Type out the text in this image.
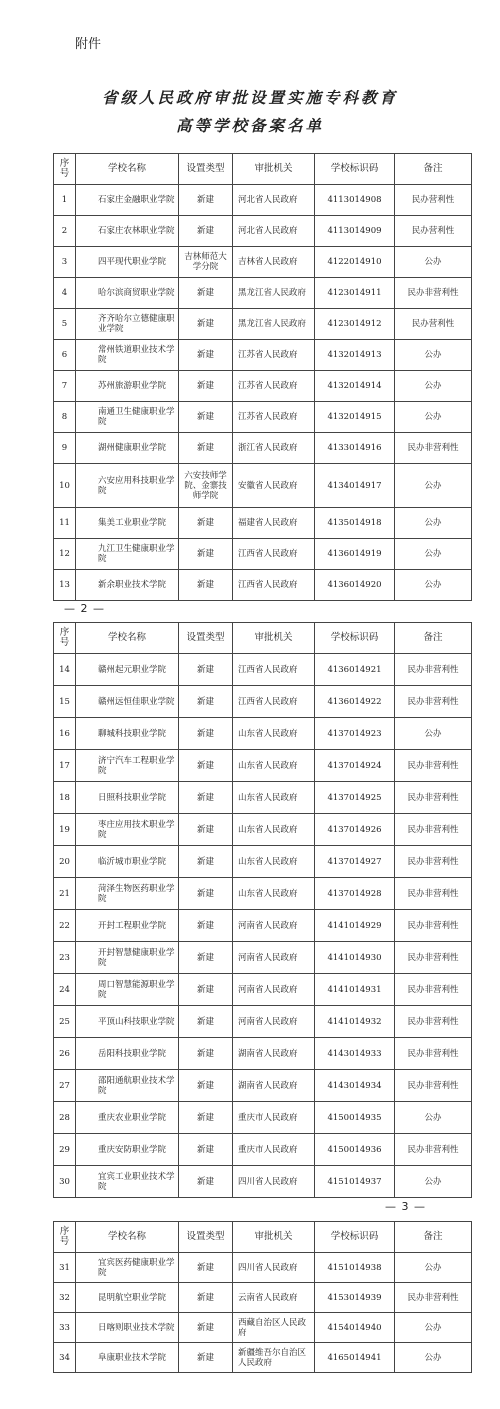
附件
省级人民政府审批设置实施专科教育
高等学校备案名单
序号	学校名称	设置类型	审批机关	学校标识码	备注
1	石家庄金融职业学院	新建	河北省人民政府	4113014908	民办营利性
2	石家庄农林职业学院	新建	河北省人民政府	4113014909	民办营利性
3	四平现代职业学院	吉林师范大学分院	吉林省人民政府	4122014910	公办
4	哈尔滨商贸职业学院	新建	黑龙江省人民政府	4123014911	民办非营利性
5	齐齐哈尔立德健康职业学院	新建	黑龙江省人民政府	4123014912	民办营利性
6	常州铁道职业技术学院	新建	江苏省人民政府	4132014913	公办
7	苏州旅游职业学院	新建	江苏省人民政府	4132014914	公办
8	南通卫生健康职业学院	新建	江苏省人民政府	4132014915	公办
9	湖州健康职业学院	新建	浙江省人民政府	4133014916	民办非营利性
10	六安应用科技职业学院	六安技师学院、金寨技师学院	安徽省人民政府	4134014917	公办
11	集美工业职业学院	新建	福建省人民政府	4135014918	公办
12	九江卫生健康职业学院	新建	江西省人民政府	4136014919	公办
13	新余职业技术学院	新建	江西省人民政府	4136014920	公办
— 2 —
序号	学校名称	设置类型	审批机关	学校标识码	备注
14	赣州起元职业学院	新建	江西省人民政府	4136014921	民办非营利性
15	赣州远恒佳职业学院	新建	江西省人民政府	4136014922	民办非营利性
16	聊城科技职业学院	新建	山东省人民政府	4137014923	公办
17	济宁汽车工程职业学院	新建	山东省人民政府	4137014924	民办非营利性
18	日照科技职业学院	新建	山东省人民政府	4137014925	民办非营利性
19	枣庄应用技术职业学院	新建	山东省人民政府	4137014926	民办非营利性
20	临沂城市职业学院	新建	山东省人民政府	4137014927	民办非营利性
21	菏泽生物医药职业学院	新建	山东省人民政府	4137014928	民办非营利性
22	开封工程职业学院	新建	河南省人民政府	4141014929	民办非营利性
23	开封智慧健康职业学院	新建	河南省人民政府	4141014930	民办非营利性
24	周口智慧能源职业学院	新建	河南省人民政府	4141014931	民办非营利性
25	平顶山科技职业学院	新建	河南省人民政府	4141014932	民办非营利性
26	岳阳科技职业学院	新建	湖南省人民政府	4143014933	民办非营利性
27	邵阳通航职业技术学院	新建	湖南省人民政府	4143014934	民办非营利性
28	重庆农业职业学院	新建	重庆市人民政府	4150014935	公办
29	重庆安防职业学院	新建	重庆市人民政府	4150014936	民办非营利性
30	宜宾工业职业技术学院	新建	四川省人民政府	4151014937	公办
— 3 —
序号	学校名称	设置类型	审批机关	学校标识码	备注
31	宜宾医药健康职业学院	新建	四川省人民政府	4151014938	公办
32	昆明航空职业学院	新建	云南省人民政府	4153014939	民办非营利性
33	日喀则职业技术学院	新建	西藏自治区人民政府	4154014940	公办
34	阜康职业技术学院	新建	新疆维吾尔自治区人民政府	4165014941	公办
